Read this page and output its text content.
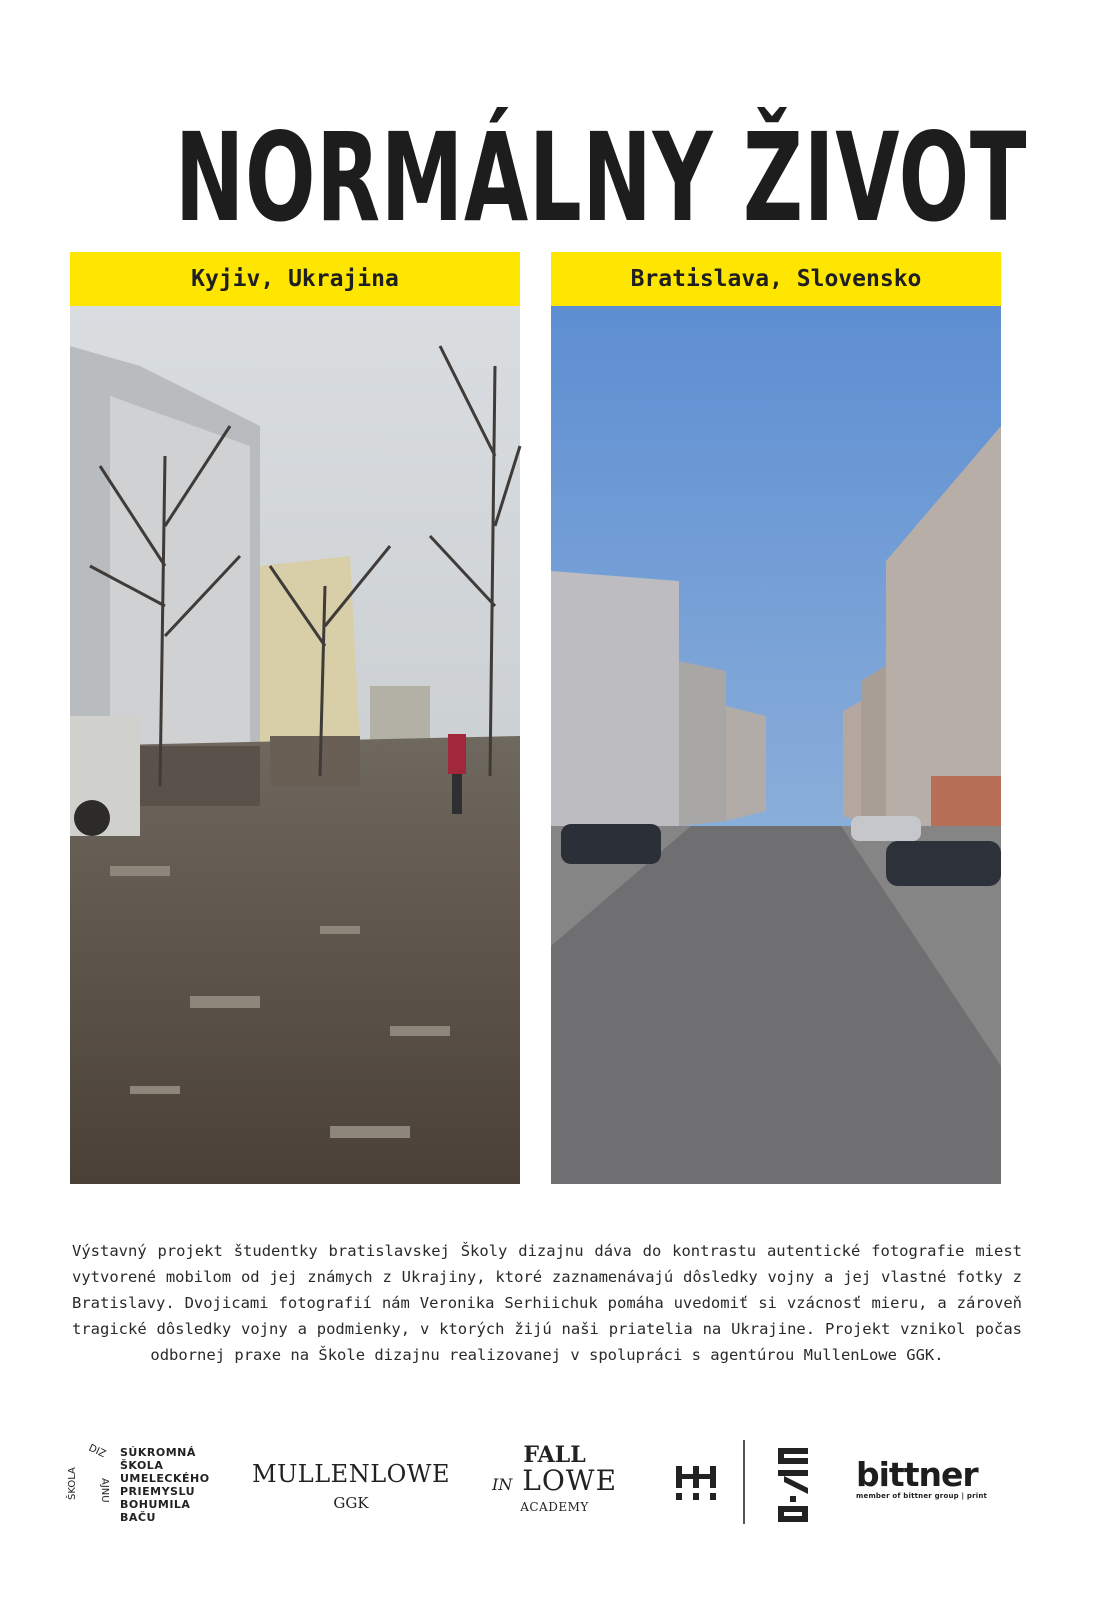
NORMÁLNY ŽIVOT
Kyjiv, Ukrajina	Bratislava, Slovensko
Výstavný projekt študentky bratislavskej Školy dizajnu dáva do kontrastu autentické fotografie miest vytvorené mobilom od jej známych z Ukrajiny, ktoré zaznamenávajú dôsledky vojny a jej vlastné fotky z Bratislavy. Dvojicami fotografií nám Veronika Serhiichuk pomáha uvedomiť si vzácnosť mieru, a zároveň tragické dôsledky vojny a podmienky, v ktorých žijú naši priatelia na Ukrajine. Projekt vznikol počas odbornej praxe na Škole dizajnu realizovanej v spolupráci s agentúrou MullenLowe GGK.
ŠKOLA
DIZ
AJNU
SÚKROMNÁ
ŠKOLA
UMELECKÉHO
PRIEMYSLU
BOHUMILA
BAČU
MULLENLOWE
GGK
FALL
IN LOWE
ACADEMY
bittner
member of bittner group | print
